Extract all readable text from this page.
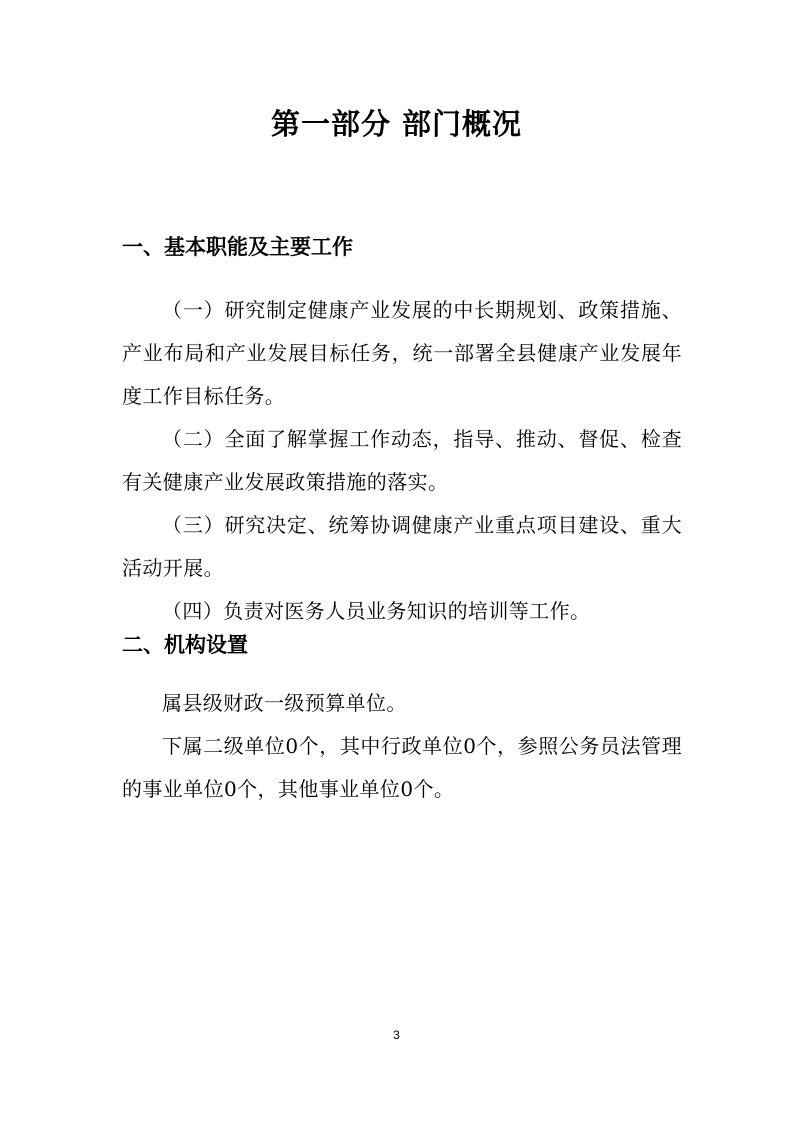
第一部分 部门概况
一、基本职能及主要工作

（一）研究制定健康产业发展的中长期规划、政策措施、产业布局和产业发展目标任务，统一部署全县健康产业发展年度工作目标任务。

（二）全面了解掌握工作动态，指导、推动、督促、检查有关健康产业发展政策措施的落实。

（三）研究决定、统筹协调健康产业重点项目建设、重大活动开展。

（四）负责对医务人员业务知识的培训等工作。

二、机构设置

属县级财政一级预算单位。

下属二级单位0个，其中行政单位0个，参照公务员法管理的事业单位0个，其他事业单位0个。

3
